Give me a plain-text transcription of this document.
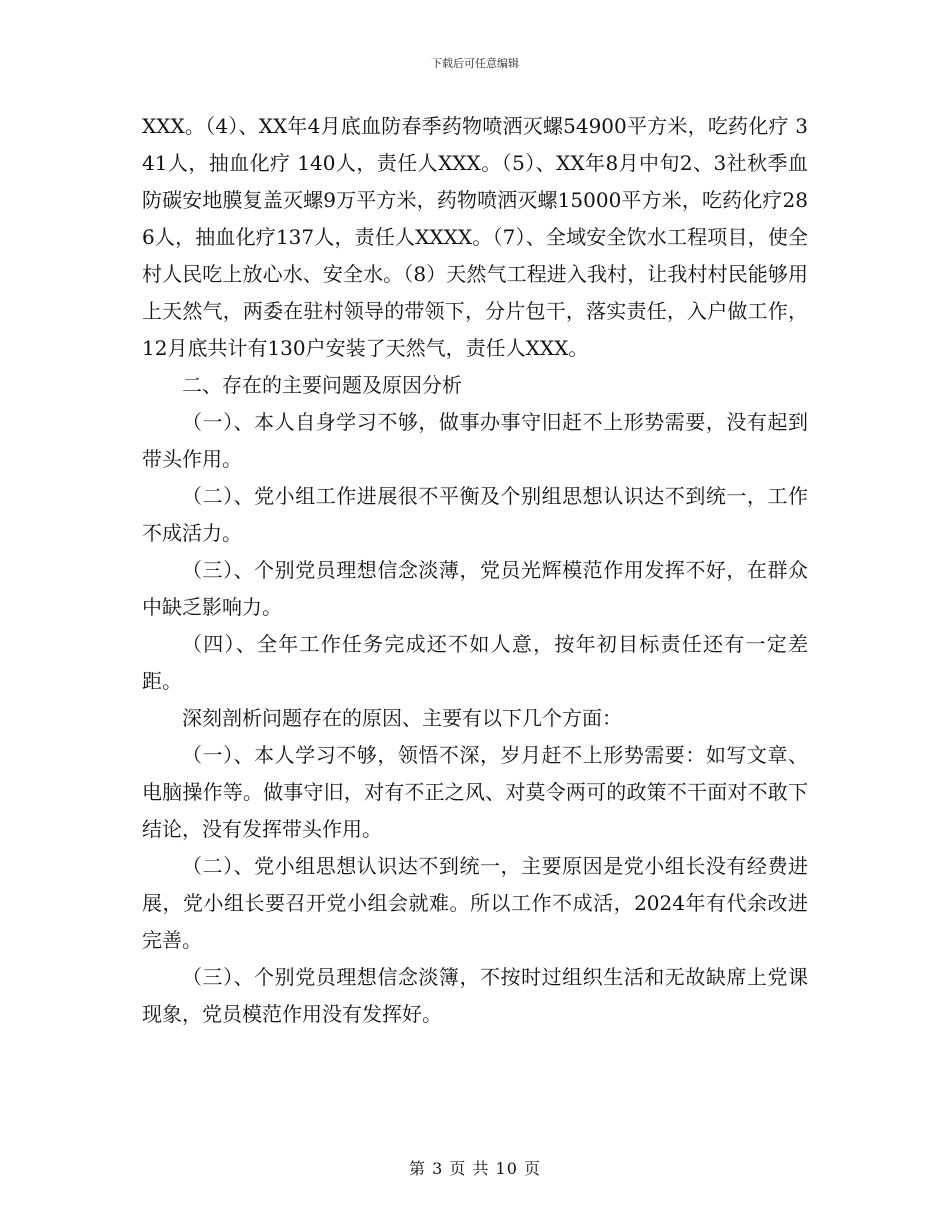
下载后可任意编辑

XXX。（4）、XX年4月底血防春季药物喷洒灭螺54900平方米，吃药化疗 341人，抽血化疗 140人，责任人XXX。（5）、XX年8月中旬2、3社秋季血防碳安地膜复盖灭螺9万平方米，药物喷洒灭螺15000平方米，吃药化疗286人，抽血化疗137人，责任人XXXX。（7）、全域安全饮水工程项目，使全村人民吃上放心水、安全水。（8）天然气工程进入我村，让我村村民能够用上天然气，两委在驻村领导的带领下，分片包干，落实责任，入户做工作，12月底共计有130户安装了天然气，责任人XXX。

二、存在的主要问题及原因分析

（一）、本人自身学习不够，做事办事守旧赶不上形势需要，没有起到带头作用。

（二）、党小组工作进展很不平衡及个别组思想认识达不到统一，工作不成活力。

（三）、个别党员理想信念淡薄，党员光辉模范作用发挥不好，在群众中缺乏影响力。

（四）、全年工作任务完成还不如人意，按年初目标责任还有一定差距。

深刻剖析问题存在的原因、主要有以下几个方面：

（一）、本人学习不够，领悟不深，岁月赶不上形势需要：如写文章、电脑操作等。做事守旧，对有不正之风、对莫令两可的政策不干面对不敢下结论，没有发挥带头作用。

（二）、党小组思想认识达不到统一，主要原因是党小组长没有经费进展，党小组长要召开党小组会就难。所以工作不成活，2024年有代余改进完善。

（三）、个别党员理想信念淡簿，不按时过组织生活和无故缺席上党课现象，党员模范作用没有发挥好。

第 3 页 共 10 页
